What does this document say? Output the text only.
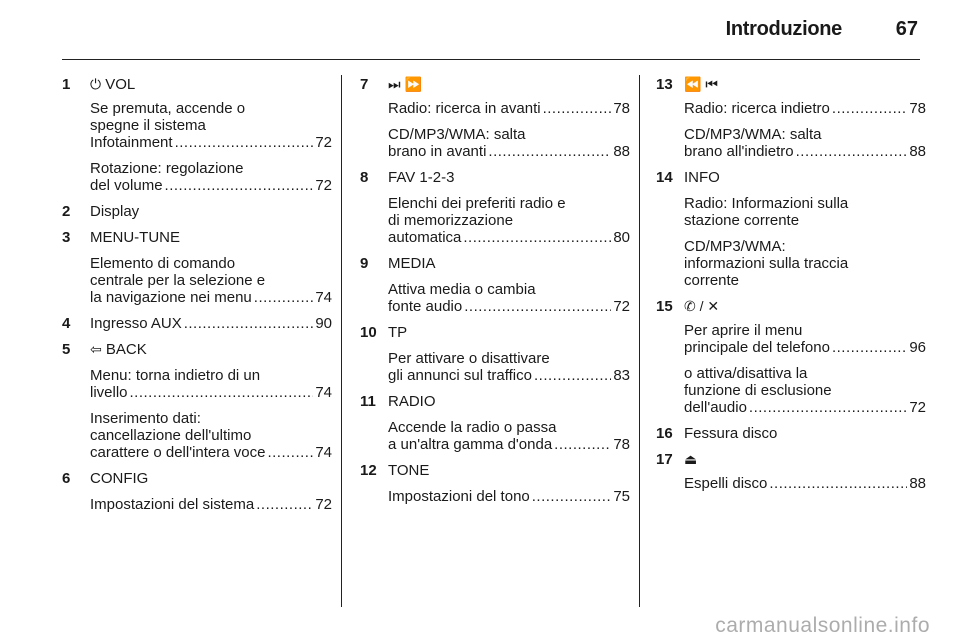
Introduzione	67
1 ⏻ VOL
Se premuta, accende o
spegne il sistema
Infotainment .....	72
Rotazione: regolazione
del volume .....	72
2 Display
3 MENU-TUNE
Elemento di comando
centrale per la selezione e
la navigazione nei menu .....	74
4 Ingresso AUX .....	90
5 ⇦ BACK
Menu: torna indietro di un
livello .....	74
Inserimento dati:
cancellazione dell'ultimo
carattere o dell'intera voce .....	74
6 CONFIG
Impostazioni del sistema .....	72
7 ⏭ ⏩
Radio: ricerca in avanti .....	78
CD/MP3/WMA: salta
brano in avanti .....	88
8 FAV 1-2-3
Elenchi dei preferiti radio e
di memorizzazione
automatica .....	80
9 MEDIA
Attiva media o cambia
fonte audio .....	72
10 TP
Per attivare o disattivare
gli annunci sul traffico .....	83
11 RADIO
Accende la radio o passa
a un'altra gamma d'onda .....	78
12 TONE
Impostazioni del tono .....	75
13 ⏪ ⏮
Radio: ricerca indietro .....	78
CD/MP3/WMA: salta
brano all'indietro .....	88
14 INFO
Radio: Informazioni sulla
stazione corrente
CD/MP3/WMA:
informazioni sulla traccia
corrente
15 ✆ / ✕
Per aprire il menu
principale del telefono .....	96
o attiva/disattiva la
funzione di esclusione
dell'audio .....	72
16 Fessura disco
17 ⏏
Espelli disco .....	88
carmanualsonline.info
